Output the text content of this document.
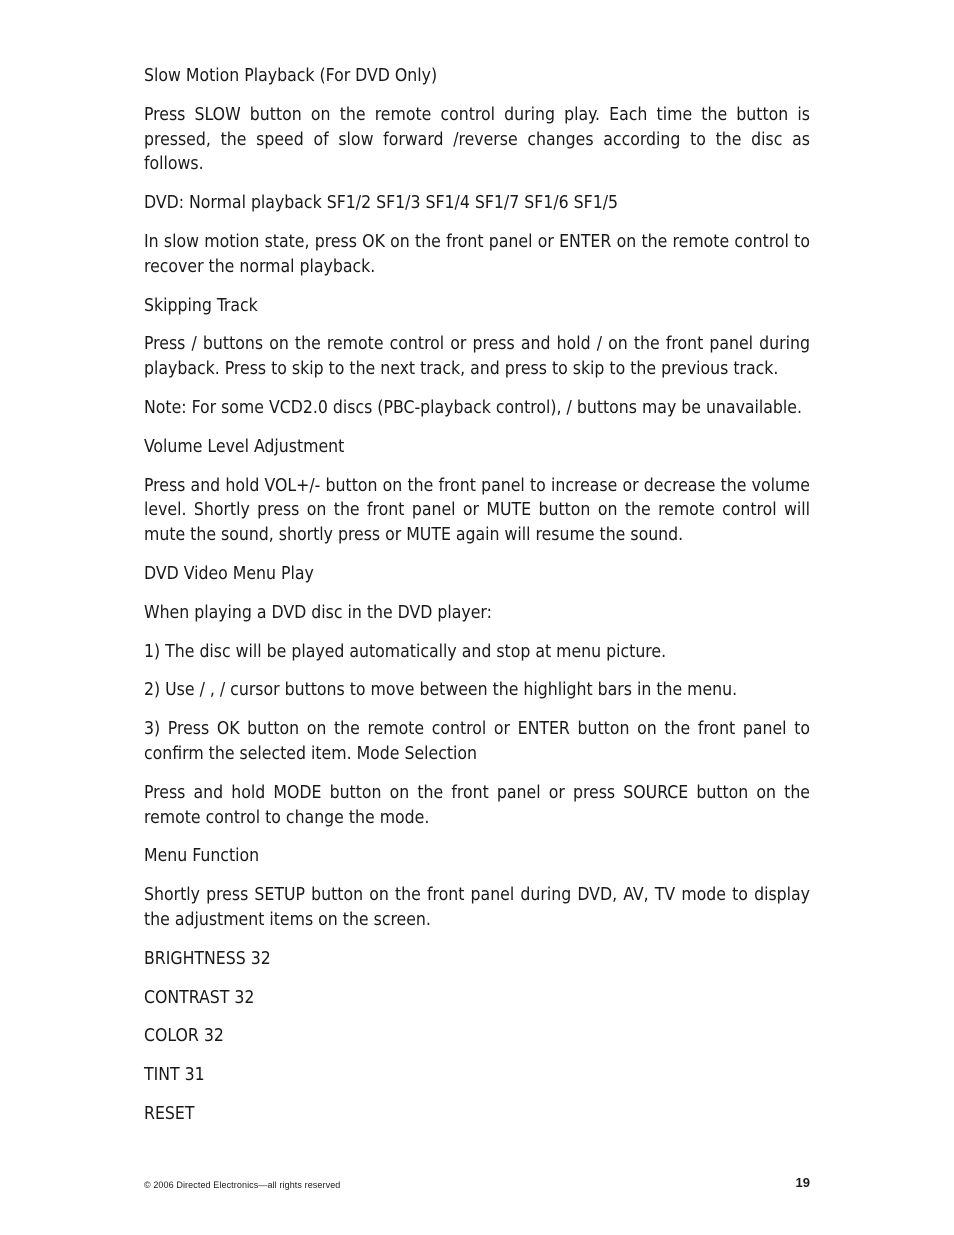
Slow Motion Playback (For DVD Only)

Press SLOW button on the remote control during play. Each time the button is pressed, the speed of slow forward /reverse changes according to the disc as follows.

DVD: Normal playback SF1/2 SF1/3 SF1/4 SF1/7 SF1/6 SF1/5

In slow motion state, press OK on the front panel or ENTER on the remote control to recover the normal playback.

Skipping Track

Press / buttons on the remote control or press and hold / on the front panel during playback. Press to skip to the next track, and press to skip to the previous track.

Note: For some VCD2.0 discs (PBC-playback control), / buttons may be unavailable.

Volume Level Adjustment

Press and hold VOL+/- button on the front panel to increase or decrease the volume level. Shortly press on the front panel or MUTE button on the remote control will mute the sound, shortly press or MUTE again will resume the sound.

DVD Video Menu Play

When playing a DVD disc in the DVD player:

1) The disc will be played automatically and stop at menu picture.

2) Use / , / cursor buttons to move between the highlight bars in the menu.

3) Press OK button on the remote control or ENTER button on the front panel to confirm the selected item. Mode Selection

Press and hold MODE button on the front panel or press SOURCE button on the remote control to change the mode.

Menu Function

Shortly press SETUP button on the front panel during DVD, AV, TV mode to display the adjustment items on the screen.

BRIGHTNESS 32

CONTRAST 32

COLOR 32

TINT 31

RESET

© 2006 Directed Electronics—all rights reserved	19
